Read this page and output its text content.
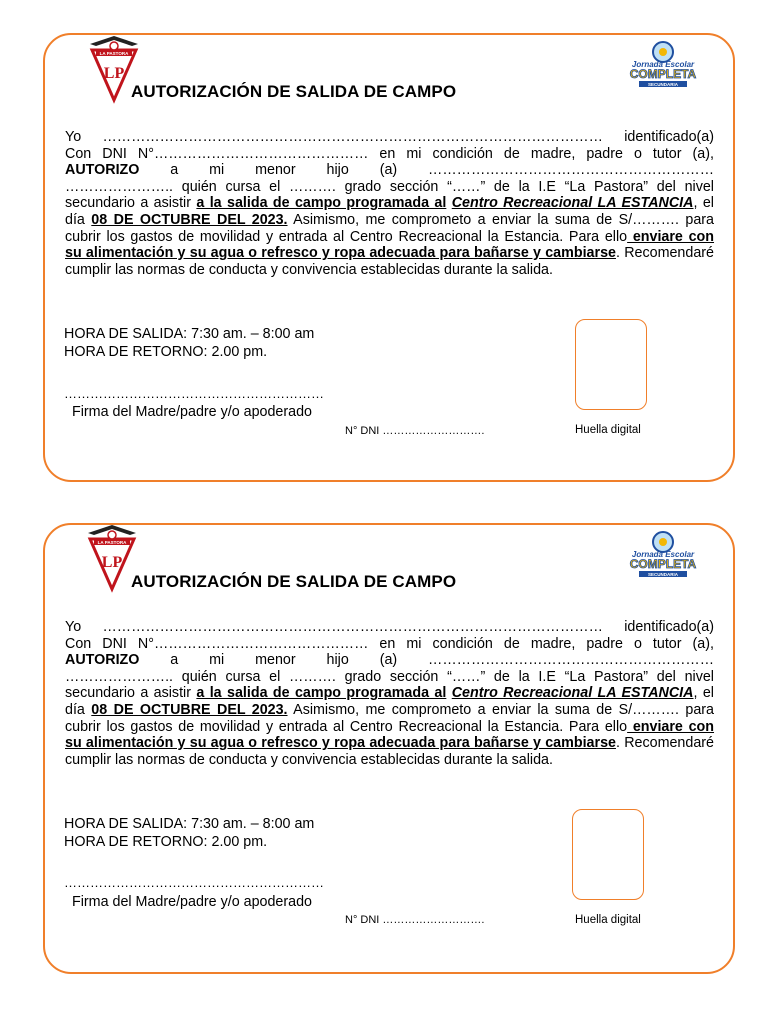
LA PASTORA
LP
AUTORIZACIÓN DE SALIDA DE CAMPO
Jornada Escolar
COMPLETA
SECUNDARIA
Yo …………………………………………………………………………………………… identificado(a)
Con DNI N°……………………………………… en mi condición de madre, padre o tutor (a),
AUTORIZO a mi menor hijo (a) ……………………………………………………
………………….. quién cursa el ………. grado sección “……” de la I.E “La Pastora” del nivel
secundario a asistir a la salida de campo programada al Centro Recreacional LA ESTANCIA, el
día 08 DE OCTUBRE DEL 2023. Asimismo, me comprometo a enviar la suma de S/………. para
cubrir los gastos de movilidad y entrada al Centro Recreacional la Estancia. Para ello enviare con
su alimentación y su agua o refresco y ropa adecuada para bañarse y cambiarse. Recomendaré
cumplir las normas de conducta y convivencia establecidas durante la salida.
HORA DE SALIDA: 7:30 am. – 8:00 am
HORA DE RETORNO: 2.00 pm.
……………………………………………………
Firma del Madre/padre y/o apoderado
N° DNI ……………………….	Huella digital
LA PASTORA
LP
AUTORIZACIÓN DE SALIDA DE CAMPO
Jornada Escolar
COMPLETA
SECUNDARIA
Yo …………………………………………………………………………………………… identificado(a)
Con DNI N°……………………………………… en mi condición de madre, padre o tutor (a),
AUTORIZO a mi menor hijo (a) ……………………………………………………
………………….. quién cursa el ………. grado sección “……” de la I.E “La Pastora” del nivel
secundario a asistir a la salida de campo programada al Centro Recreacional LA ESTANCIA, el
día 08 DE OCTUBRE DEL 2023. Asimismo, me comprometo a enviar la suma de S/………. para
cubrir los gastos de movilidad y entrada al Centro Recreacional la Estancia. Para ello enviare con
su alimentación y su agua o refresco y ropa adecuada para bañarse y cambiarse. Recomendaré
cumplir las normas de conducta y convivencia establecidas durante la salida.
HORA DE SALIDA: 7:30 am. – 8:00 am
HORA DE RETORNO: 2.00 pm.
……………………………………………………
Firma del Madre/padre y/o apoderado
N° DNI ……………………….	Huella digital
